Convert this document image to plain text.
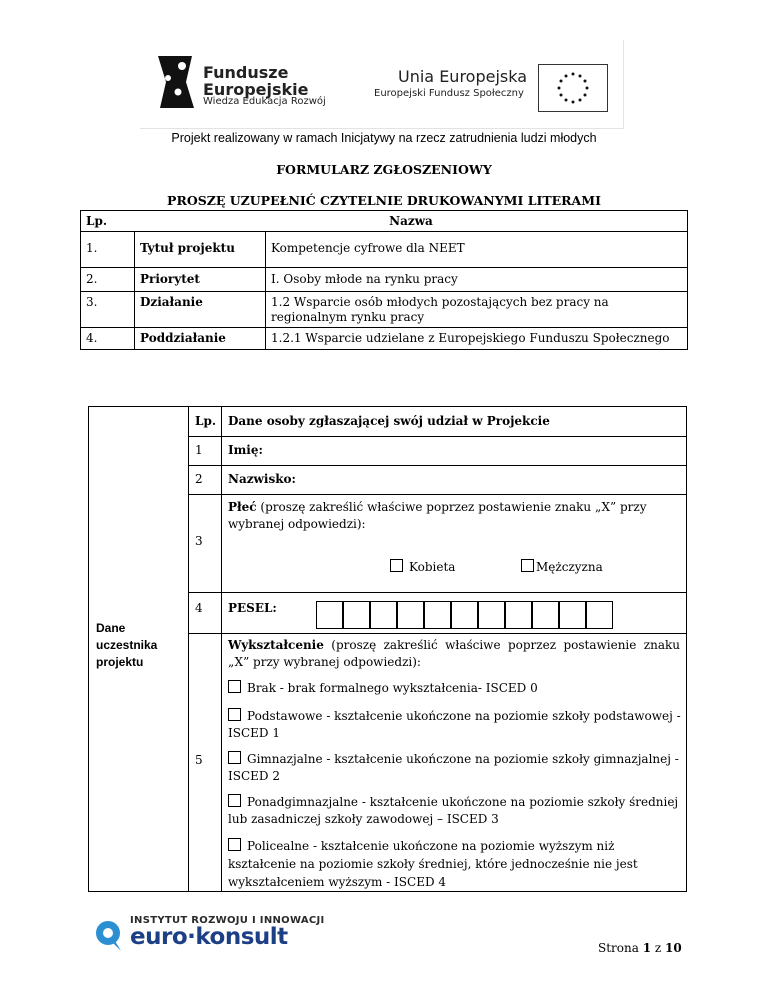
Fundusze
Europejskie
Wiedza Edukacja Rozwój
Unia Europejska
Europejski Fundusz Społeczny
Projekt realizowany w ramach Inicjatywy na rzecz zatrudnienia ludzi młodych
FORMULARZ ZGŁOSZENIOWY
PROSZĘ UZUPEŁNIĆ CZYTELNIE DRUKOWANYMI LITERAMI
Lp.	Nazwa
1.	Tytuł projektu	Kompetencje cyfrowe dla NEET
2.	Priorytet	I. Osoby młode na rynku pracy
3.	Działanie	1.2 Wsparcie osób młodych pozostających bez pracy na regionalnym rynku pracy
4.	Poddziałanie	1.2.1 Wsparcie udzielane z Europejskiego Funduszu Społecznego
Dane uczestnika projektu
Lp. Dane osoby zgłaszającej swój udział w Projekcie
1 Imię:
2 Nazwisko:
3
Płeć (proszę zakreślić właściwe poprzez postawienie znaku „X” przy wybranej odpowiedzi):
Kobieta	Mężczyzna
4 PESEL:
5
Wykształcenie (proszę zakreślić właściwe poprzez postawienie znaku „X” przy wybranej odpowiedzi):
Brak - brak formalnego wykształcenia- ISCED 0
Podstawowe - kształcenie ukończone na poziomie szkoły podstawowej - ISCED 1
Gimnazjalne - kształcenie ukończone na poziomie szkoły gimnazjalnej - ISCED 2
Ponadgimnazjalne - kształcenie ukończone na poziomie szkoły średniej lub zasadniczej szkoły zawodowej – ISCED 3
Policealne - kształcenie ukończone na poziomie wyższym niż kształcenie na poziomie szkoły średniej, które jednocześnie nie jest wykształceniem wyższym - ISCED 4
INSTYTUT ROZWOJU I INNOWACJI
euro·konsult	Strona 1 z 10
